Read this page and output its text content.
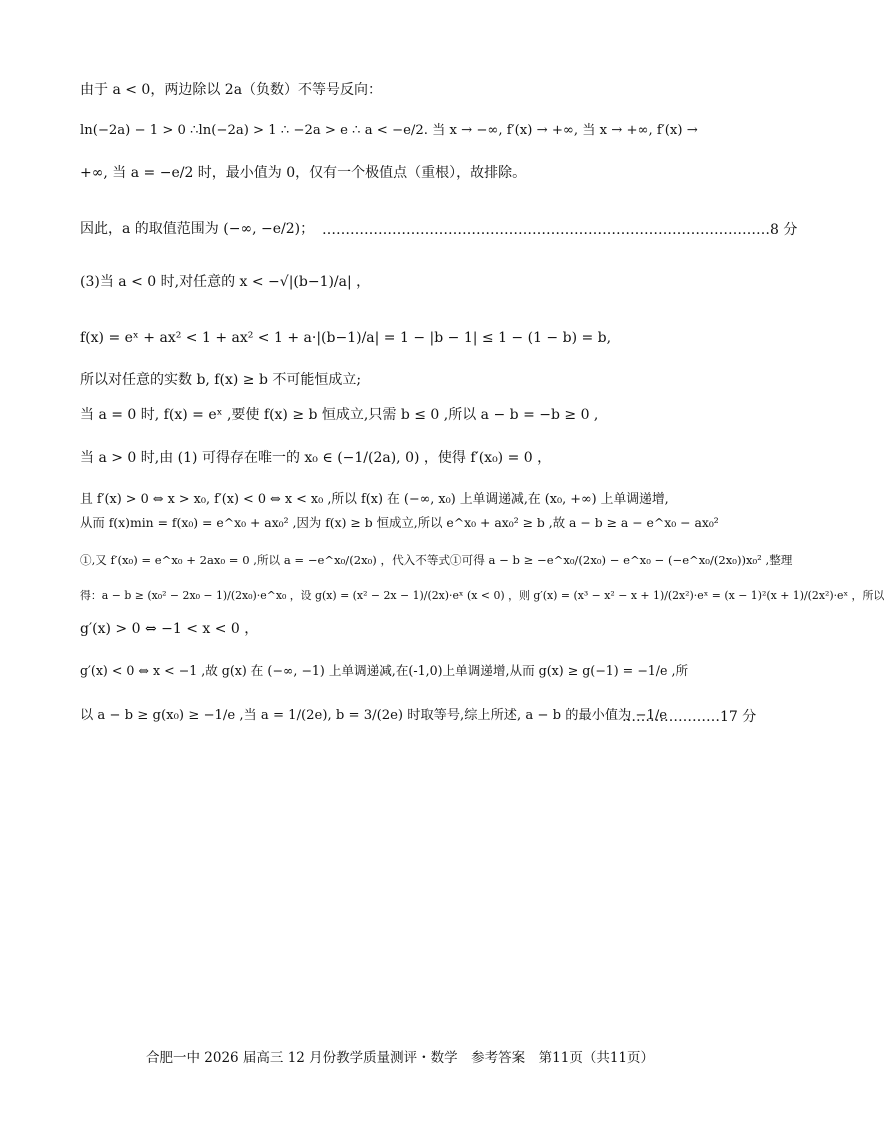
由于 a < 0，两边除以 2a（负数）不等号反向：
ln(−2a) − 1 > 0 ∴ln(−2a) > 1 ∴ −2a > e ∴ a < −e/2. 当 x → −∞, f′(x) → +∞, 当 x → +∞, f′(x) →
+∞, 当 a = −e/2 时，最小值为 0，仅有一个极值点（重根），故排除。
因此，a 的取值范围为 (−∞, −e/2)； ……………………………………………………………………………………8 分
(3)当 a < 0 时,对任意的 x < −√|(b−1)/a| ，
f(x) = eˣ + ax² < 1 + ax² < 1 + a·|(b−1)/a| = 1 − |b − 1| ≤ 1 − (1 − b) = b,
所以对任意的实数 b, f(x) ≥ b 不可能恒成立;
当 a = 0 时, f(x) = eˣ ,要使 f(x) ≥ b 恒成立,只需 b ≤ 0 ,所以 a − b = −b ≥ 0 ,
当 a > 0 时,由 (1) 可得存在唯一的 x₀ ∈ (−1/(2a), 0) ，使得 f′(x₀) = 0 ，
且 f′(x) > 0 ⇔ x > x₀, f′(x) < 0 ⇔ x < x₀ ,所以 f(x) 在 (−∞, x₀) 上单调递减,在 (x₀, +∞) 上单调递增,
从而 f(x)min = f(x₀) = e^x₀ + ax₀² ,因为 f(x) ≥ b 恒成立,所以 e^x₀ + ax₀² ≥ b ,故 a − b ≥ a − e^x₀ − ax₀²
①,又 f′(x₀) = e^x₀ + 2ax₀ = 0 ,所以 a = −e^x₀/(2x₀) ，代入不等式①可得 a − b ≥ −e^x₀/(2x₀) − e^x₀ − (−e^x₀/(2x₀))x₀² ,整理
得：a − b ≥ (x₀² − 2x₀ − 1)/(2x₀)·e^x₀ ，设 g(x) = (x² − 2x − 1)/(2x)·eˣ (x < 0) ，则 g′(x) = (x³ − x² − x + 1)/(2x²)·eˣ = (x − 1)²(x + 1)/(2x²)·eˣ ，所以
g′(x) > 0 ⇔ −1 < x < 0 ，
g′(x) < 0 ⇔ x < −1 ,故 g(x) 在 (−∞, −1) 上单调递减,在(-1,0)上单调递增,从而 g(x) ≥ g(−1) = −1/e ,所
以 a − b ≥ g(x₀) ≥ −1/e ,当 a = 1/(2e), b = 3/(2e) 时取等号,综上所述, a − b 的最小值为 −1/e
…………………17 分
合肥一中 2026 届高三 12 月份教学质量测评・数学　参考答案　第11页（共11页）
